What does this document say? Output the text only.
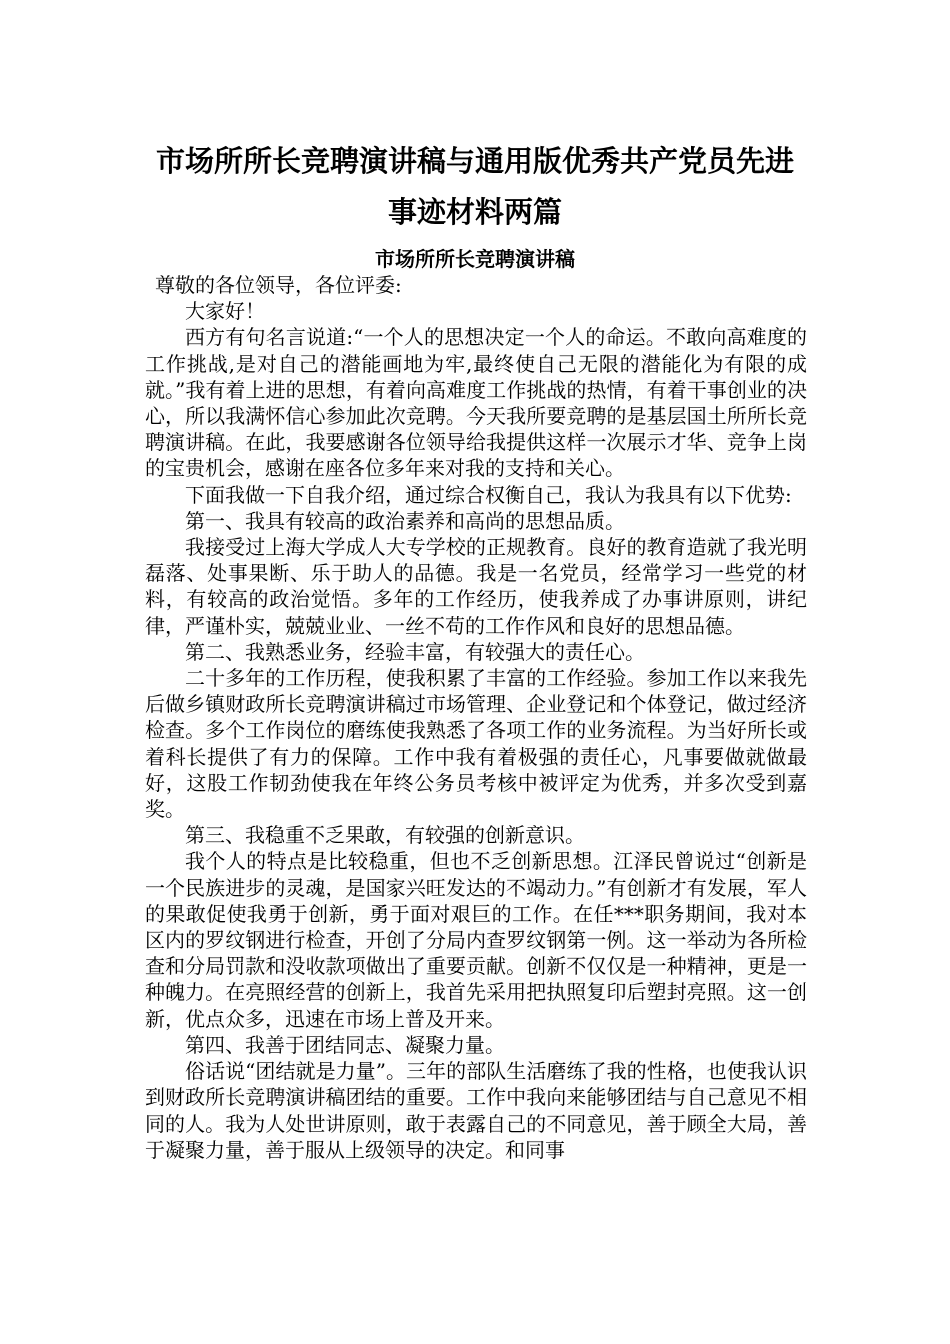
市场所所长竞聘演讲稿与通用版优秀共产党员先进
事迹材料两篇
市场所所长竞聘演讲稿

尊敬的各位领导，各位评委:

大家好！

西方有句名言说道:“一个人的思想决定一个人的命运。不敢向高难度的工作挑战,是对自己的潜能画地为牢,最终使自己无限的潜能化为有限的成就。”我有着上进的思想，有着向高难度工作挑战的热情，有着干事创业的决心，所以我满怀信心参加此次竞聘。今天我所要竞聘的是基层国土所所长竞聘演讲稿。在此，我要感谢各位领导给我提供这样一次展示才华、竞争上岗的宝贵机会，感谢在座各位多年来对我的支持和关心。

下面我做一下自我介绍，通过综合权衡自己，我认为我具有以下优势:

第一、我具有较高的政治素养和高尚的思想品质。

我接受过上海大学成人大专学校的正规教育。良好的教育造就了我光明磊落、处事果断、乐于助人的品德。我是一名党员，经常学习一些党的材料，有较高的政治觉悟。多年的工作经历，使我养成了办事讲原则，讲纪律，严谨朴实，兢兢业业、一丝不苟的工作作风和良好的思想品德。

第二、我熟悉业务，经验丰富，有较强大的责任心。

二十多年的工作历程，使我积累了丰富的工作经验。参加工作以来我先后做乡镇财政所长竞聘演讲稿过市场管理、企业登记和个体登记，做过经济检查。多个工作岗位的磨练使我熟悉了各项工作的业务流程。为当好所长或着科长提供了有力的保障。工作中我有着极强的责任心，凡事要做就做最好，这股工作韧劲使我在年终公务员考核中被评定为优秀，并多次受到嘉奖。

第三、我稳重不乏果敢，有较强的创新意识。

我个人的特点是比较稳重，但也不乏创新思想。江泽民曾说过“创新是一个民族进步的灵魂，是国家兴旺发达的不竭动力。”有创新才有发展，军人的果敢促使我勇于创新，勇于面对艰巨的工作。在任***职务期间，我对本区内的罗纹钢进行检查，开创了分局内查罗纹钢第一例。这一举动为各所检查和分局罚款和没收款项做出了重要贡献。创新不仅仅是一种精神，更是一种魄力。在亮照经营的创新上，我首先采用把执照复印后塑封亮照。这一创新，优点众多，迅速在市场上普及开来。

第四、我善于团结同志、凝聚力量。

俗话说“团结就是力量”。三年的部队生活磨练了我的性格，也使我认识到财政所长竞聘演讲稿团结的重要。工作中我向来能够团结与自己意见不相同的人。我为人处世讲原则，敢于表露自己的不同意见，善于顾全大局，善于凝聚力量，善于服从上级领导的决定。和同事
